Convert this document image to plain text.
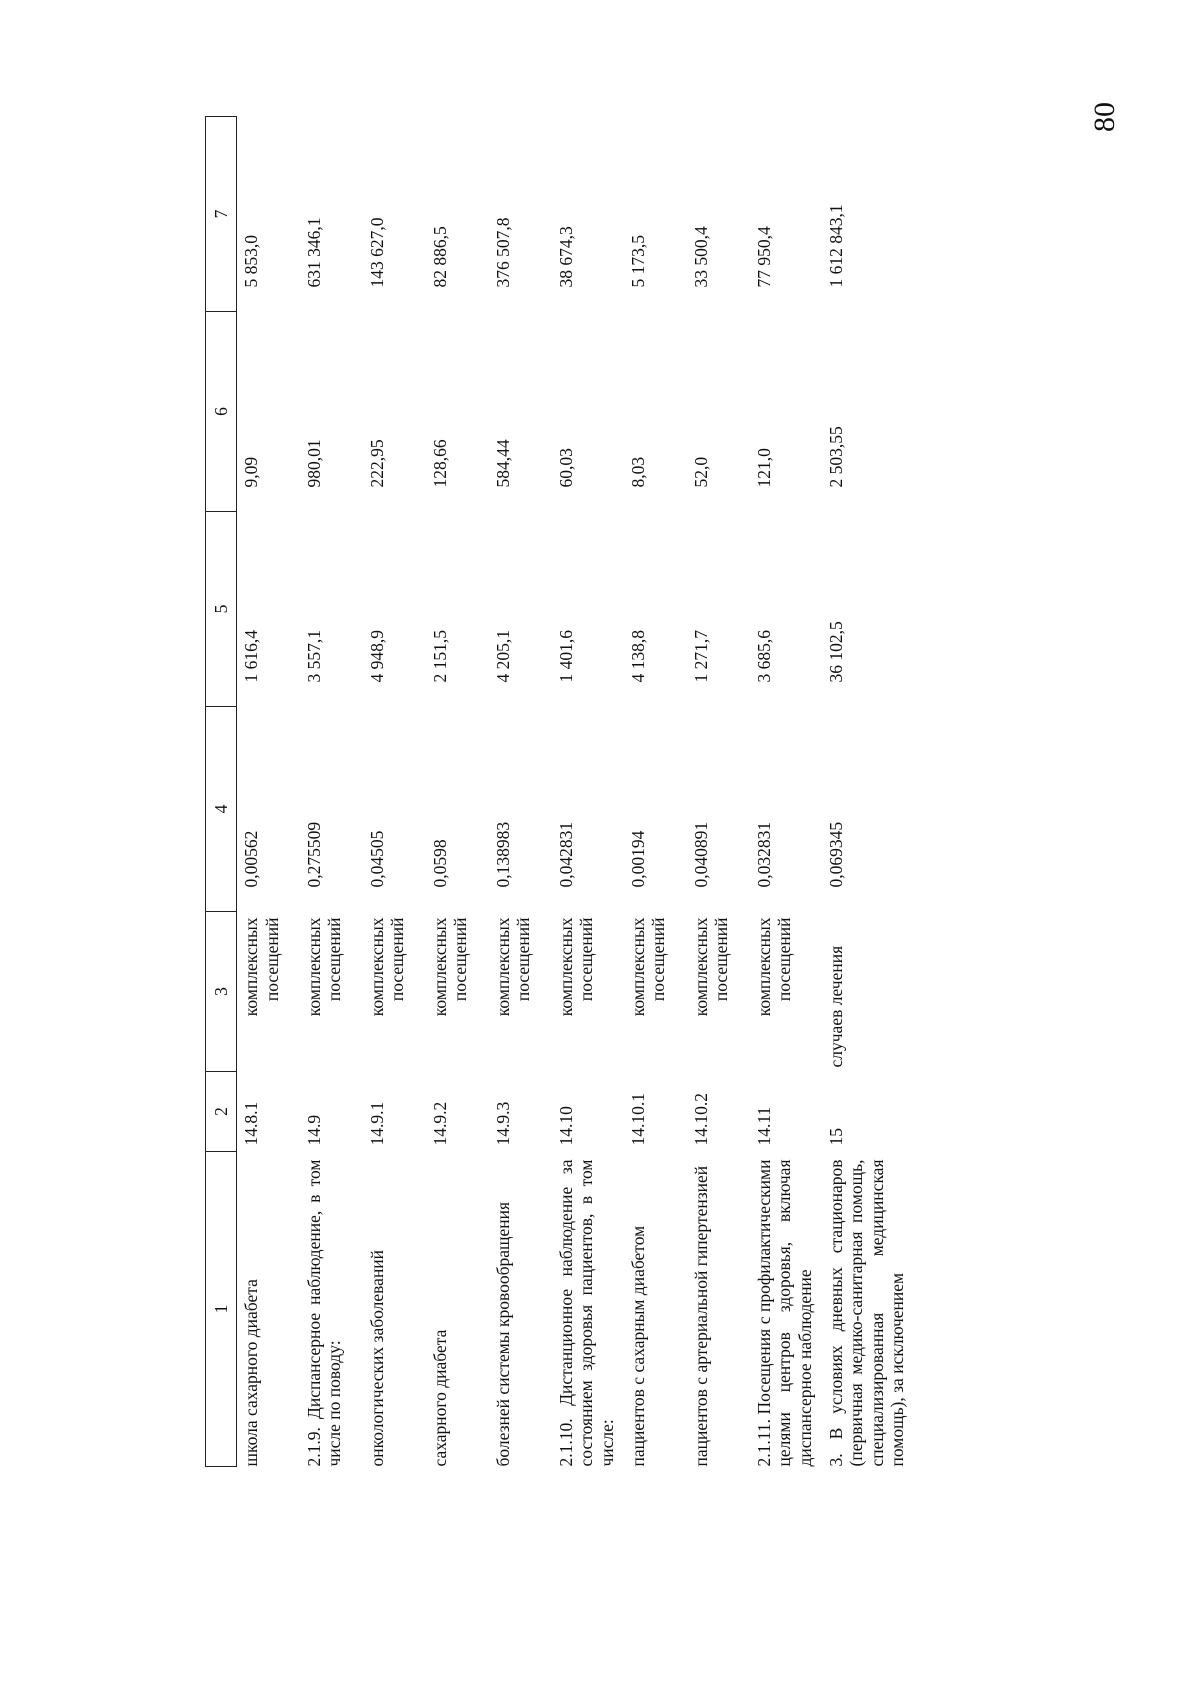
80
1	2	3	4	5	6	7
школа сахарного диабета	14.8.1	комплексных посещений	0,00562	1 616,4	9,09	5 853,0
2.1.9. Диспансерное наблюдение, в том числе по поводу:	14.9	комплексных посещений	0,275509	3 557,1	980,01	631 346,1
онкологических заболеваний	14.9.1	комплексных посещений	0,04505	4 948,9	222,95	143 627,0
сахарного диабета	14.9.2	комплексных посещений	0,0598	2 151,5	128,66	82 886,5
болезней системы кровообращения	14.9.3	комплексных посещений	0,138983	4 205,1	584,44	376 507,8
2.1.10. Дистанционное наблюдение за состоянием здоровья пациентов, в том числе:	14.10	комплексных посещений	0,042831	1 401,6	60,03	38 674,3
пациентов с сахарным диабетом	14.10.1	комплексных посещений	0,00194	4 138,8	8,03	5 173,5
пациентов с артериальной гипертензией	14.10.2	комплексных посещений	0,040891	1 271,7	52,0	33 500,4
2.1.11. Посещения с профилактическими целями центров здоровья, включая диспансерное наблюдение	14.11	комплексных посещений	0,032831	3 685,6	121,0	77 950,4
3. В условиях дневных стационаров (первичная медико-санитарная помощь, специализированная медицинская помощь), за исключением	15	случаев лечения	0,069345	36 102,5	2 503,55	1 612 843,1
